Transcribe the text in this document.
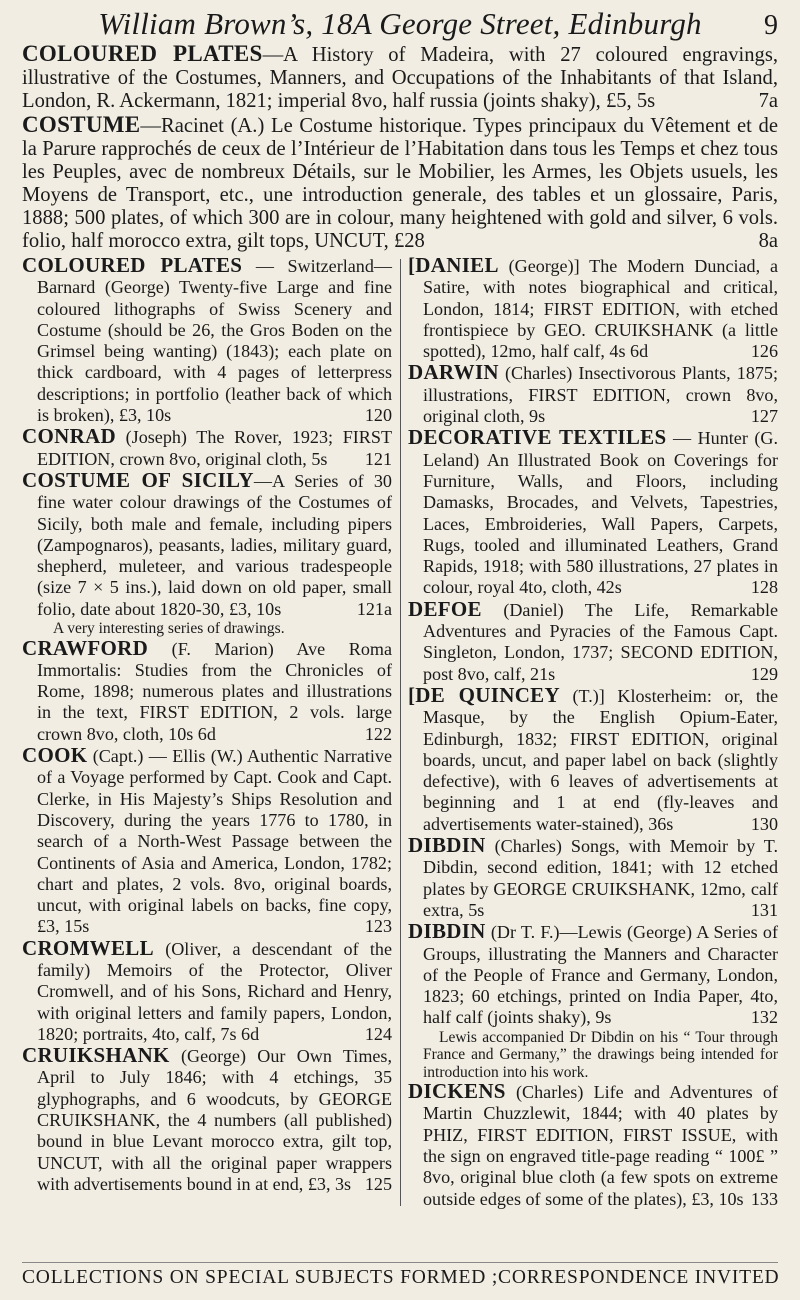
William Brown’s, 18A George Street, Edinburgh	9

COLOURED PLATES—A History of Madeira, with 27 coloured engravings, illustrative of the Costumes, Manners, and Occupations of the Inhabitants of that Island, London, R. Ackermann, 1821; imperial 8vo, half russia (joints shaky), £5, 5s	7a

COSTUME—Racinet (A.) Le Costume historique. Types principaux du Vêtement et de la Parure rapprochés de ceux de l’Intérieur de l’Habitation dans tous les Temps et chez tous les Peuples, avec de nombreux Détails, sur le Mobilier, les Armes, les Objets usuels, les Moyens de Transport, etc., une introduction generale, des tables et un glossaire, Paris, 1888; 500 plates, of which 300 are in colour, many heightened with gold and silver, 6 vols. folio, half morocco extra, gilt tops, UNCUT, £28	8a

COLOURED PLATES — Switzerland—Barnard (George) Twenty-five Large and fine coloured lithographs of Swiss Scenery and Costume (should be 26, the Gros Boden on the Grimsel being wanting) (1843); each plate on thick cardboard, with 4 pages of letterpress descriptions; in portfolio (leather back of which is broken), £3, 10s	120

CONRAD (Joseph) The Rover, 1923; FIRST EDITION, crown 8vo, original cloth, 5s 121

COSTUME OF SICILY—A Series of 30 fine water colour drawings of the Costumes of Sicily, both male and female, including pipers (Zampognaros), peasants, ladies, military guard, shepherd, muleteer, and various tradespeople (size 7 × 5 ins.), laid down on old paper, small folio, date about 1820-30, £3, 10s	121a

A very interesting series of drawings.

CRAWFORD (F. Marion) Ave Roma Immortalis: Studies from the Chronicles of Rome, 1898; numerous plates and illustrations in the text, FIRST EDITION, 2 vols. large crown 8vo, cloth, 10s 6d	122

COOK (Capt.) — Ellis (W.) Authentic Narrative of a Voyage performed by Capt. Cook and Capt. Clerke, in His Majesty’s Ships Resolution and Discovery, during the years 1776 to 1780, in search of a North-West Passage between the Continents of Asia and America, London, 1782; chart and plates, 2 vols. 8vo, original boards, uncut, with original labels on backs, fine copy, £3, 15s	123

CROMWELL (Oliver, a descendant of the family) Memoirs of the Protector, Oliver Cromwell, and of his Sons, Richard and Henry, with original letters and family papers, London, 1820; portraits, 4to, calf, 7s 6d	124

CRUIKSHANK (George) Our Own Times, April to July 1846; with 4 etchings, 35 glyphographs, and 6 woodcuts, by GEORGE CRUIKSHANK, the 4 numbers (all published) bound in blue Levant morocco extra, gilt top, UNCUT, with all the original paper wrappers with advertisements bound in at end, £3, 3s 125

[DANIEL (George)] The Modern Dunciad, a Satire, with notes biographical and critical, London, 1814; FIRST EDITION, with etched frontispiece by GEO. CRUIKSHANK (a little spotted), 12mo, half calf, 4s 6d	126

DARWIN (Charles) Insectivorous Plants, 1875; illustrations, FIRST EDITION, crown 8vo, original cloth, 9s	127

DECORATIVE TEXTILES — Hunter (G. Leland) An Illustrated Book on Coverings for Furniture, Walls, and Floors, including Damasks, Brocades, and Velvets, Tapestries, Laces, Embroideries, Wall Papers, Carpets, Rugs, tooled and illuminated Leathers, Grand Rapids, 1918; with 580 illustrations, 27 plates in colour, royal 4to, cloth, 42s	128

DEFOE (Daniel) The Life, Remarkable Adventures and Pyracies of the Famous Capt. Singleton, London, 1737; SECOND EDITION, post 8vo, calf, 21s	129

[DE QUINCEY (T.)] Klosterheim: or, the Masque, by the English Opium-Eater, Edinburgh, 1832; FIRST EDITION, original boards, uncut, and paper label on back (slightly defective), with 6 leaves of advertisements at beginning and 1 at end (fly-leaves and advertisements water-stained), 36s	130

DIBDIN (Charles) Songs, with Memoir by T. Dibdin, second edition, 1841; with 12 etched plates by GEORGE CRUIKSHANK, 12mo, calf extra, 5s	131

DIBDIN (Dr T. F.)—Lewis (George) A Series of Groups, illustrating the Manners and Character of the People of France and Germany, London, 1823; 60 etchings, printed on India Paper, 4to, half calf (joints shaky), 9s	132

Lewis accompanied Dr Dibdin on his “ Tour through France and Germany,” the drawings being intended for introduction into his work.

DICKENS (Charles) Life and Adventures of Martin Chuzzlewit, 1844; with 40 plates by PHIZ, FIRST EDITION, FIRST ISSUE, with the sign on engraved title-page reading “ 100£ ” 8vo, original blue cloth (a few spots on extreme outside edges of some of the plates), £3, 10s 133

COLLECTIONS ON SPECIAL SUBJECTS FORMED ; CORRESPONDENCE INVITED
